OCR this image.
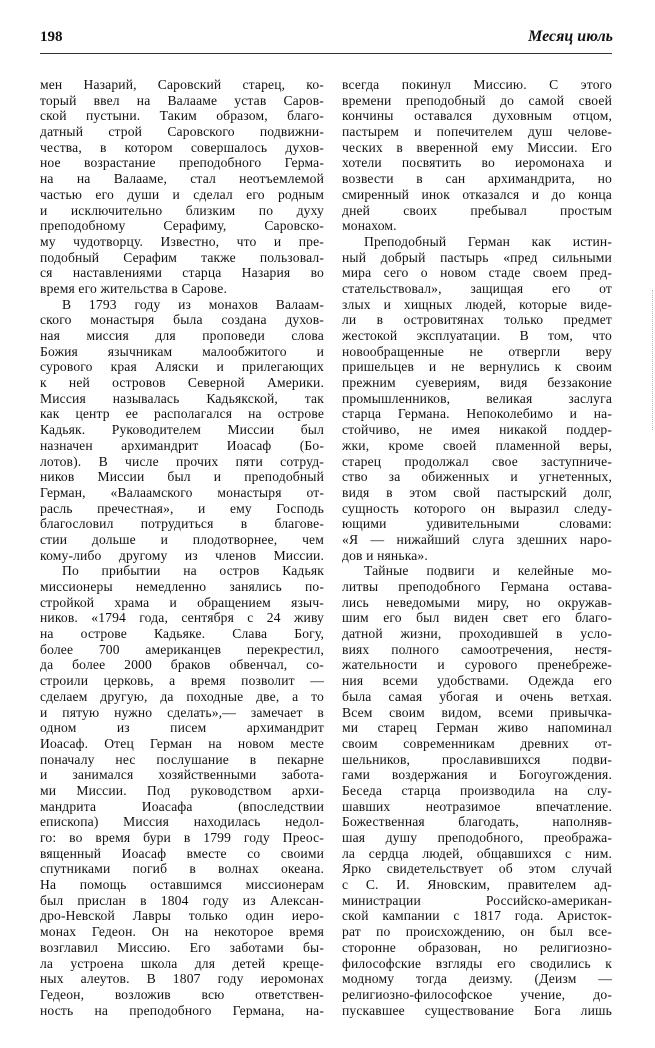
198	Месяц июль
мен Назарий, Саровский старец, ко-
торый ввел на Валааме устав Саров-
ской пустыни. Таким образом, благо-
датный строй Саровского подвижни-
чества, в котором совершалось духов-
ное возрастание преподобного Герма-
на на Валааме, стал неотъемлемой
частью его души и сделал его родным
и исключительно близким по духу
преподобному Серафиму, Саровско-
му чудотворцу. Известно, что и пре-
подобный Серафим также пользовал-
ся наставлениями старца Назария во
время его жительства в Сарове.
В 1793 году из монахов Валаам-
ского монастыря была создана духов-
ная миссия для проповеди слова
Божия язычникам малообжитого и
сурового края Аляски и прилегающих
к ней островов Северной Америки.
Миссия называлась Кадьякской, так
как центр ее располагался на острове
Кадьяк. Руководителем Миссии был
назначен архимандрит Иоасаф (Бо-
лотов). В числе прочих пяти сотруд-
ников Миссии был и преподобный
Герман, «Валаамского монастыря от-
расль пречестная», и ему Господь
благословил потрудиться в благове-
стии дольше и плодотворнее, чем
кому-либо другому из членов Миссии.
По прибытии на остров Кадьяк
миссионеры немедленно занялись по-
стройкой храма и обращением языч-
ников. «1794 года, сентября с 24 живу
на острове Кадьяке. Слава Богу,
более 700 американцев перекрестил,
да более 2000 браков обвенчал, со-
строили церковь, а время позволит —
сделаем другую, да походные две, а то
и пятую нужно сделать»,— замечает в
одном из писем архимандрит
Иоасаф. Отец Герман на новом месте
поначалу нес послушание в пекарне
и занимался хозяйственными забота-
ми Миссии. Под руководством архи-
мандрита Иоасафа (впоследствии
епископа) Миссия находилась недол-
го: во время бури в 1799 году Преос-
вященный Иоасаф вместе со своими
спутниками погиб в волнах океана.
На помощь оставшимся миссионерам
был прислан в 1804 году из Алексан-
дро-Невской Лавры только один иеро-
монах Гедеон. Он на некоторое время
возглавил Миссию. Его заботами бы-
ла устроена школа для детей креще-
ных алеутов. В 1807 году иеромонах
Гедеон, возложив всю ответствен-
ность на преподобного Германа, на-
всегда покинул Миссию. С этого
времени преподобный до самой своей
кончины оставался духовным отцом,
пастырем и попечителем душ челове-
ческих в вверенной ему Миссии. Его
хотели посвятить во иеромонаха и
возвести в сан архимандрита, но
смиренный инок отказался и до конца
дней своих пребывал простым
монахом.
Преподобный Герман как истин-
ный добрый пастырь «пред сильными
мира сего о новом стаде своем пред-
стательствовал», защищая его от
злых и хищных людей, которые виде-
ли в островитянах только предмет
жестокой эксплуатации. В том, что
новообращенные не отвергли веру
пришельцев и не вернулись к своим
прежним суевериям, видя беззаконие
промышленников, великая заслуга
старца Германа. Непоколебимо и на-
стойчиво, не имея никакой поддер-
жки, кроме своей пламенной веры,
старец продолжал свое заступниче-
ство за обиженных и угнетенных,
видя в этом свой пастырский долг,
сущность которого он выразил следу-
ющими удивительными словами:
«Я — нижайший слуга здешних наро-
дов и нянька».
Тайные подвиги и келейные мо-
литвы преподобного Германа остава-
лись неведомыми миру, но окружав-
шим его был виден свет его благо-
датной жизни, проходившей в усло-
виях полного самоотречения, нестя-
жательности и сурового пренебреже-
ния всеми удобствами. Одежда его
была самая убогая и очень ветхая.
Всем своим видом, всеми привычка-
ми старец Герман живо напоминал
своим современникам древних от-
шельников, прославившихся подви-
гами воздержания и Богоугождения.
Беседа старца производила на слу-
шавших неотразимое впечатление.
Божественная благодать, наполняв-
шая душу преподобного, преобража-
ла сердца людей, общавшихся с ним.
Ярко свидетельствует об этом случай
с С. И. Яновским, правителем ад-
министрации Российско-американ-
ской кампании с 1817 года. Аристок-
рат по происхождению, он был все-
сторонне образован, но религиозно-
философские взгляды его сводились к
модному тогда деизму. (Деизм —
религиозно-философское учение, до-
пускавшее существование Бога лишь
